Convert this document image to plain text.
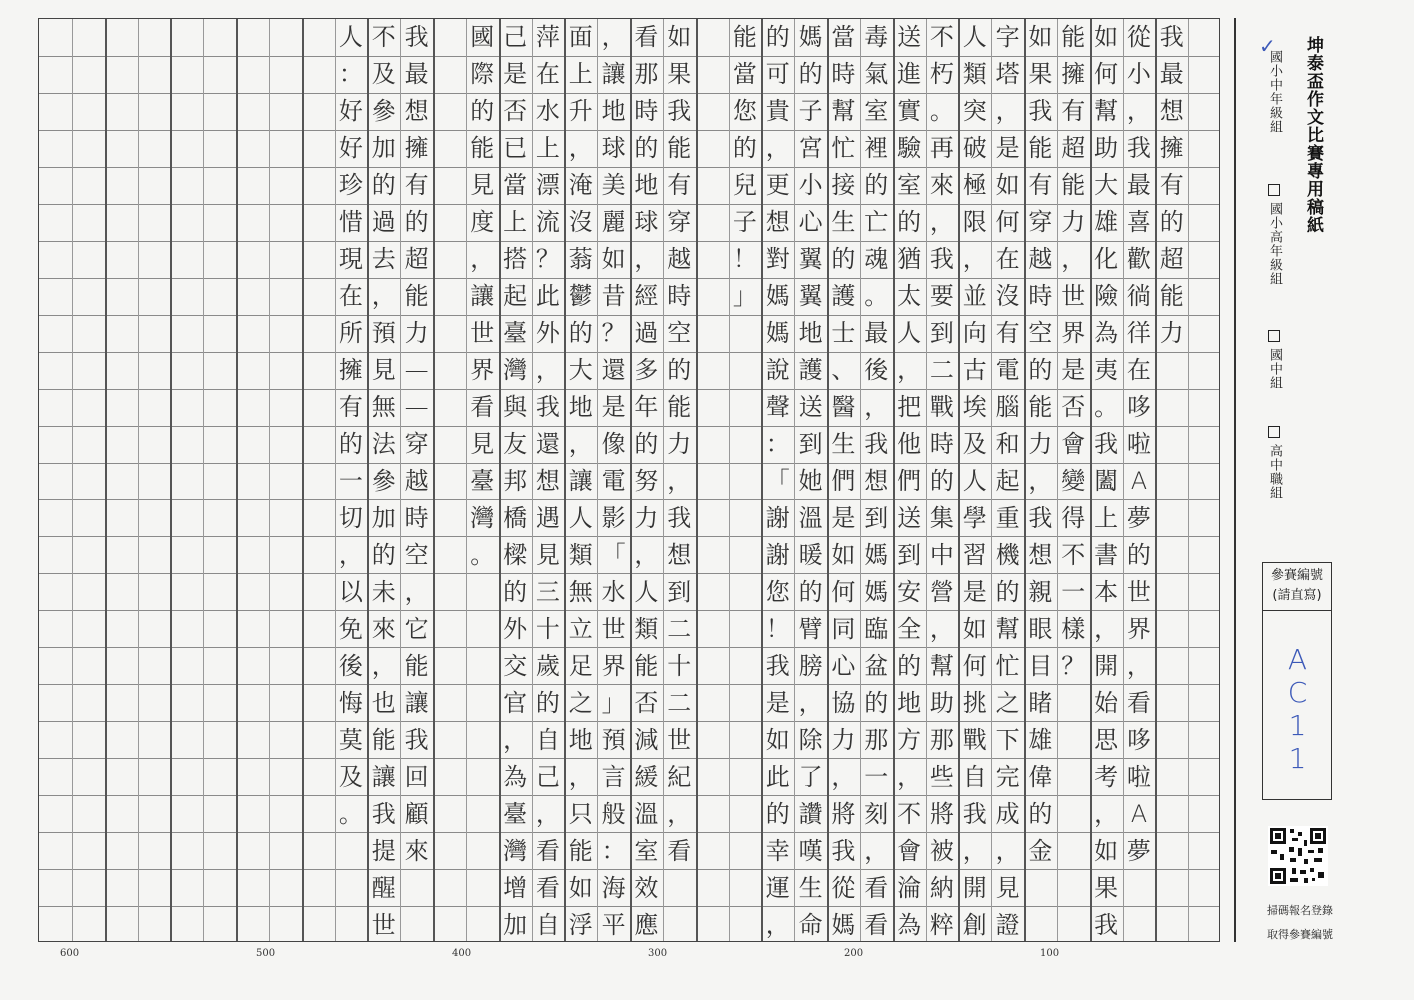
我
最
想
擁
有
的
超
能
力
從
小
，
我
最
喜
歡
徜
徉
在
哆
啦
A
夢
的
世
界
，
看
哆
啦
A
夢
如
何
幫
助
大
雄
化
險
為
夷
。
我
闔
上
書
本
，
開
始
思
考
，
如
果
我
能
擁
有
超
能
力
，
世
界
是
否
會
變
得
不
一
樣
？
如
果
我
能
有
穿
越
時
空
的
能
力
，
我
想
親
眼
目
睹
雄
偉
的
金
字
塔
，
是
如
何
在
沒
有
電
腦
和
起
重
機
的
幫
忙
之
下
完
成
，
見
證
人
類
突
破
極
限
，
並
向
古
埃
及
人
學
習
是
如
何
挑
戰
自
我
，
開
創
不
朽
。
再
來
，
我
要
到
二
戰
時
的
集
中
營
，
幫
助
那
些
將
被
納
粹
送
進
實
驗
室
的
猶
太
人
，
把
他
們
送
到
安
全
的
地
方
，
不
會
淪
為
毒
氣
室
裡
的
亡
魂
。
最
後
，
我
想
到
媽
媽
臨
盆
的
那
一
刻
，
看
看
當
時
幫
忙
接
生
的
護
士
、
醫
生
們
是
如
何
同
心
協
力
，
將
我
從
媽
媽
的
子
宮
小
心
翼
翼
地
護
送
到
她
溫
暖
的
臂
膀
，
除
了
讚
嘆
生
命
的
可
貴
，
更
想
對
媽
媽
說
聲
：
「
謝
謝
您
！
我
是
如
此
的
幸
運
，
能
當
您
的
兒
子
！
」
如
果
我
能
有
穿
越
時
空
的
能
力
，
我
想
到
二
十
二
世
紀
，
看
看
那
時
的
地
球
，
經
過
多
年
的
努
力
，
人
類
能
否
減
緩
溫
室
效
應
，
讓
地
球
美
麗
如
昔
？
還
是
像
電
影
「
水
世
界
」
預
言
般
：
海
平
面
上
升
，
淹
沒
蓊
鬱
的
大
地
，
讓
人
類
無
立
足
之
地
，
只
能
如
浮
萍
在
水
上
漂
流
？
此
外
，
我
還
想
遇
見
三
十
歲
的
自
己
，
看
看
自
己
是
否
已
當
上
搭
起
臺
灣
與
友
邦
橋
樑
的
外
交
官
，
為
臺
灣
增
加
國
際
的
能
見
度
，
讓
世
界
看
見
臺
灣
。
我
最
想
擁
有
的
超
能
力
—
—
穿
越
時
空
，
它
能
讓
我
回
顧
來
不
及
參
加
的
過
去
，
預
見
無
法
參
加
的
未
來
，
也
能
讓
我
提
醒
世
人
：
好
好
珍
惜
現
在
所
擁
有
的
一
切
，
以
免
後
悔
莫
及
。
600	500	400	300	200	100
坤泰盃作文比賽專用稿紙
✓
國小中年級組
國小高年級組
國中組
高中職組
參賽編號
(請直寫)
AC11
掃碼報名登錄
取得參賽編號
